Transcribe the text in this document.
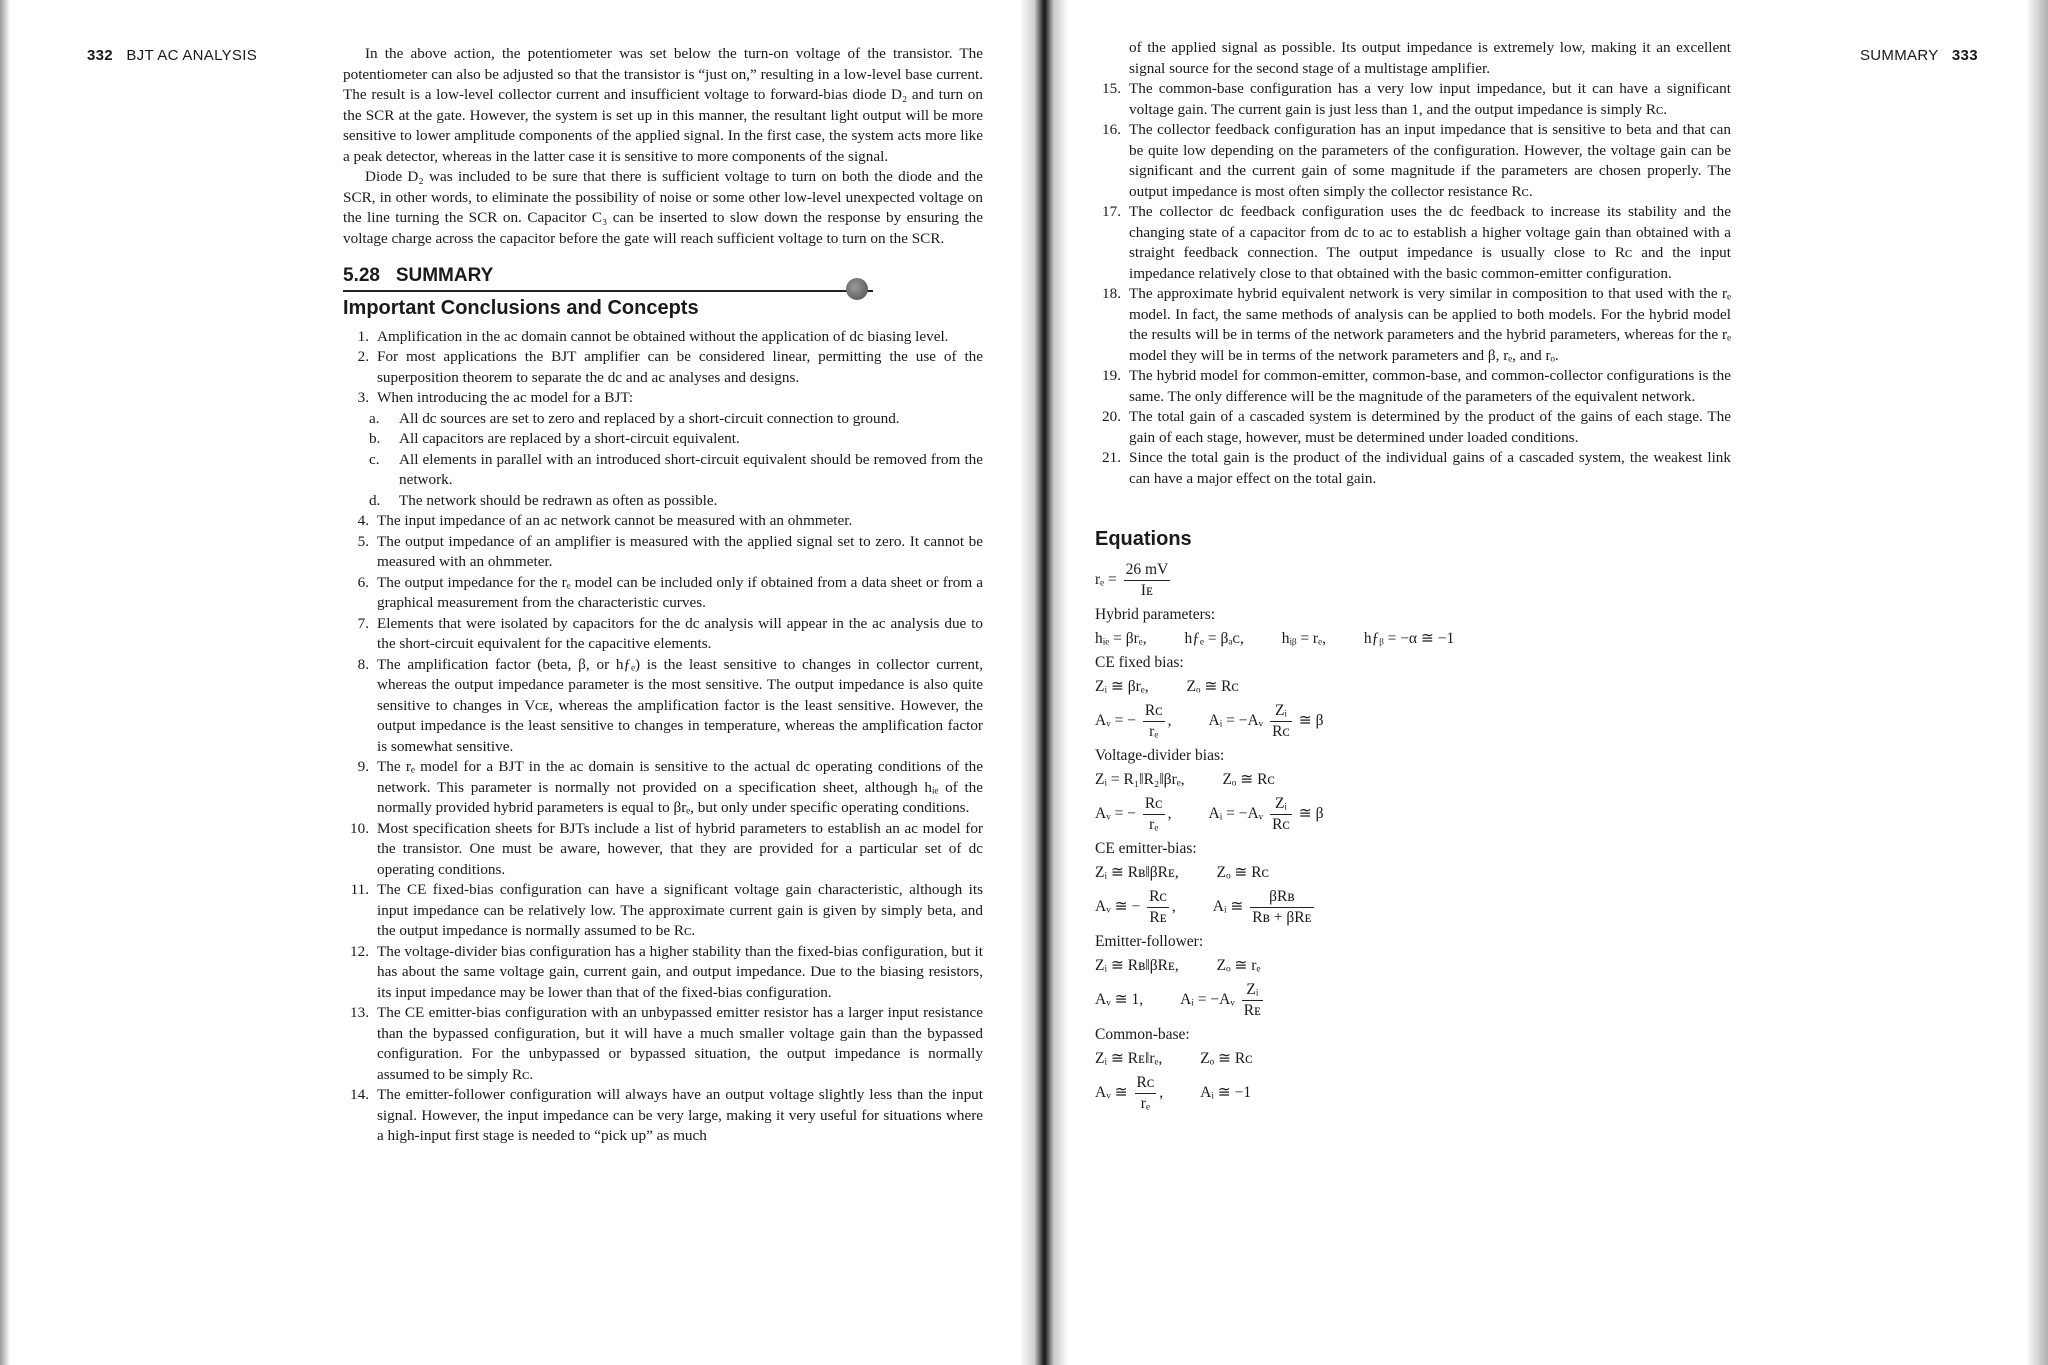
332 BJT AC ANALYSIS	In the above action, the potentiometer was set below the turn-on voltage of the transistor. The potentiometer can also be adjusted so that the transistor is “just on,” resulting in a low-level base current. The result is a low-level collector current and insufficient voltage to forward-bias diode D₂ and turn on the SCR at the gate. However, the system is set up in this manner, the resultant light output will be more sensitive to lower amplitude components of the applied signal. In the first case, the system acts more like a peak detector, whereas in the latter case it is sensitive to more components of the signal.

Diode D₂ was included to be sure that there is sufficient voltage to turn on both the diode and the SCR, in other words, to eliminate the possibility of noise or some other low-level unexpected voltage on the line turning the SCR on. Capacitor C₃ can be inserted to slow down the response by ensuring the voltage charge across the capacitor before the gate will reach sufficient voltage to turn on the SCR.

5.28   SUMMARY
Important Conclusions and Concepts
1. Amplification in the ac domain cannot be obtained without the application of dc biasing level.
2. For most applications the BJT amplifier can be considered linear, permitting the use of the superposition theorem to separate the dc and ac analyses and designs.
3. When introducing the ac model for a BJT:
a.	All dc sources are set to zero and replaced by a short-circuit connection to ground.
b.	All capacitors are replaced by a short-circuit equivalent.
c.	All elements in parallel with an introduced short-circuit equivalent should be removed from the network.
d.	The network should be redrawn as often as possible.
4. The input impedance of an ac network cannot be measured with an ohmmeter.
5. The output impedance of an amplifier is measured with the applied signal set to zero. It cannot be measured with an ohmmeter.
6. The output impedance for the rₑ model can be included only if obtained from a data sheet or from a graphical measurement from the characteristic curves.
7. Elements that were isolated by capacitors for the dc analysis will appear in the ac analysis due to the short-circuit equivalent for the capacitive elements.
8. The amplification factor (beta, β, or hƒₑ) is the least sensitive to changes in collector current, whereas the output impedance parameter is the most sensitive. The output impedance is also quite sensitive to changes in Vᴄᴇ, whereas the amplification factor is the least sensitive. However, the output impedance is the least sensitive to changes in temperature, whereas the amplification factor is somewhat sensitive.
9. The rₑ model for a BJT in the ac domain is sensitive to the actual dc operating conditions of the network. This parameter is normally not provided on a specification sheet, although hᵢₑ of the normally provided hybrid parameters is equal to βrₑ, but only under specific operating conditions.
10. Most specification sheets for BJTs include a list of hybrid parameters to establish an ac model for the transistor. One must be aware, however, that they are provided for a particular set of dc operating conditions.
11. The CE fixed-bias configuration can have a significant voltage gain characteristic, although its input impedance can be relatively low. The approximate current gain is given by simply beta, and the output impedance is normally assumed to be Rᴄ.
12. The voltage-divider bias configuration has a higher stability than the fixed-bias configuration, but it has about the same voltage gain, current gain, and output impedance. Due to the biasing resistors, its input impedance may be lower than that of the fixed-bias configuration.
13. The CE emitter-bias configuration with an unbypassed emitter resistor has a larger input resistance than the bypassed configuration, but it will have a much smaller voltage gain than the bypassed configuration. For the unbypassed or bypassed situation, the output impedance is normally assumed to be simply Rᴄ.
14. The emitter-follower configuration will always have an output voltage slightly less than the input signal. However, the input impedance can be very large, making it very useful for situations where a high-input first stage is needed to “pick up” as much
SUMMARY 333
of the applied signal as possible. Its output impedance is extremely low, making it an excellent signal source for the second stage of a multistage amplifier.
15. The common-base configuration has a very low input impedance, but it can have a significant voltage gain. The current gain is just less than 1, and the output impedance is simply Rᴄ.
16. The collector feedback configuration has an input impedance that is sensitive to beta and that can be quite low depending on the parameters of the configuration. However, the voltage gain can be significant and the current gain of some magnitude if the parameters are chosen properly. The output impedance is most often simply the collector resistance Rᴄ.
17. The collector dc feedback configuration uses the dc feedback to increase its stability and the changing state of a capacitor from dc to ac to establish a higher voltage gain than obtained with a straight feedback connection. The output impedance is usually close to Rᴄ and the input impedance relatively close to that obtained with the basic common-emitter configuration.
18. The approximate hybrid equivalent network is very similar in composition to that used with the rₑ model. In fact, the same methods of analysis can be applied to both models. For the hybrid model the results will be in terms of the network parameters and the hybrid parameters, whereas for the rₑ model they will be in terms of the network parameters and β, rₑ, and rₒ.
19. The hybrid model for common-emitter, common-base, and common-collector configurations is the same. The only difference will be the magnitude of the parameters of the equivalent network.
20. The total gain of a cascaded system is determined by the product of the gains of each stage. The gain of each stage, however, must be determined under loaded conditions.
21. Since the total gain is the product of the individual gains of a cascaded system, the weakest link can have a major effect on the total gain.
Equations
$r_e = \frac{26 mV}{\text{Iᴇ}}$
Hybrid parameters:
hᵢₑ = βrₑ, hƒₑ = βₐᴄ, hᵢᵦ = rₑ, hƒᵦ = −α ≅ −1
CE fixed bias:
Zᵢ ≅ βrₑ, Zₒ ≅ Rᴄ
Aᵥ = − $\frac{\text{Rᴄ}}{\text{rₑ}}$ , Aᵢ = −Aᵥ $\frac{\text{Zᵢ}}{\text{Rᴄ}}$ ≅ β
Voltage-divider bias:
Zᵢ = R₁‖R₂‖βrₑ, Zₒ ≅ Rᴄ
Aᵥ = − $\frac{\text{Rᴄ}}{\text{rₑ}}$ , Aᵢ = −Aᵥ $\frac{\text{Zᵢ}}{\text{Rᴄ}}$ ≅ β
CE emitter-bias:
Zᵢ ≅ Rʙ‖βRᴇ, Zₒ ≅ Rᴄ
Aᵥ ≅ − $\frac{\text{Rᴄ}}{\text{Rᴇ}}$ , Aᵢ ≅ $\frac{\text{βRʙ}}{\text{Rʙ + βRᴇ}}$
Emitter-follower:
Zᵢ ≅ Rʙ‖βRᴇ, Zₒ ≅ rₑ
Aᵥ ≅ 1, Aᵢ = −Aᵥ $\frac{\text{Zᵢ}}{\text{Rᴇ}}$
Common-base:
Zᵢ ≅ Rᴇ‖rₑ, Zₒ ≅ Rᴄ
Aᵥ ≅ $\frac{\text{Rᴄ}}{\text{rₑ}}$ , Aᵢ ≅ −1
